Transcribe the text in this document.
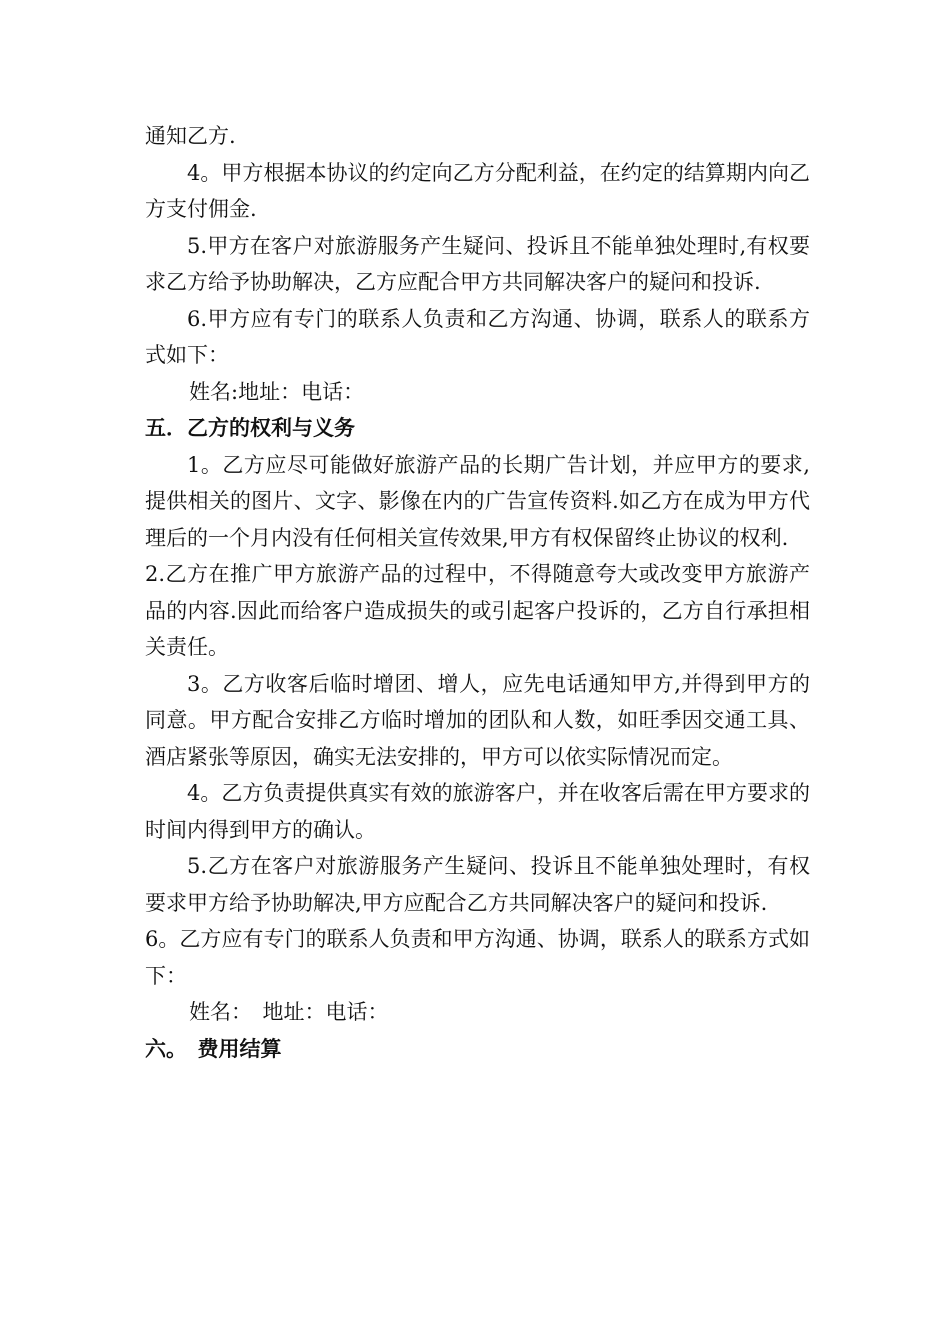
通知乙方.

4。甲方根据本协议的约定向乙方分配利益，在约定的结算期内向乙方支付佣金.

5.甲方在客户对旅游服务产生疑问、投诉且不能单独处理时,有权要求乙方给予协助解决，乙方应配合甲方共同解决客户的疑问和投诉.

6.甲方应有专门的联系人负责和乙方沟通、协调，联系人的联系方式如下：

姓名:地址：电话：

五．乙方的权利与义务

1。乙方应尽可能做好旅游产品的长期广告计划，并应甲方的要求,提供相关的图片、文字、影像在内的广告宣传资料.如乙方在成为甲方代理后的一个月内没有任何相关宣传效果,甲方有权保留终止协议的权利.

2.乙方在推广甲方旅游产品的过程中，不得随意夸大或改变甲方旅游产品的内容.因此而给客户造成损失的或引起客户投诉的，乙方自行承担相关责任。

3。乙方收客后临时增团、增人，应先电话通知甲方,并得到甲方的同意。甲方配合安排乙方临时增加的团队和人数，如旺季因交通工具、酒店紧张等原因，确实无法安排的，甲方可以依实际情况而定。

4。乙方负责提供真实有效的旅游客户，并在收客后需在甲方要求的时间内得到甲方的确认。

5.乙方在客户对旅游服务产生疑问、投诉且不能单独处理时，有权要求甲方给予协助解决,甲方应配合乙方共同解决客户的疑问和投诉.

6。乙方应有专门的联系人负责和甲方沟通、协调，联系人的联系方式如下：

姓名：　地址：电话：

六。　费用结算
